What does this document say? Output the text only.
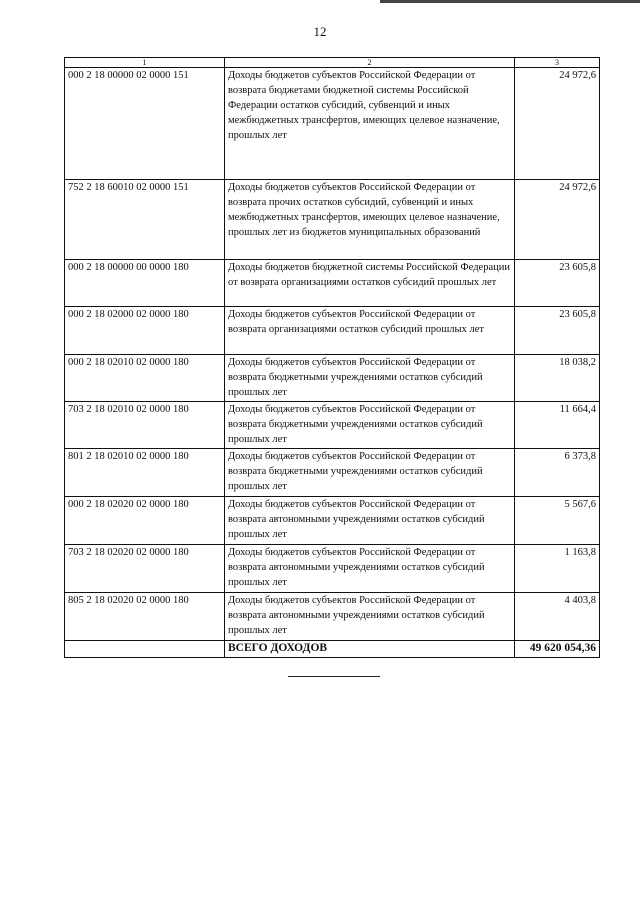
12
1	2	3
000 2 18 00000 02 0000 151	Доходы бюджетов субъектов Российской Федерации от возврата бюджетами бюджетной системы Российской Федерации остатков субсидий, субвенций и иных межбюджетных трансфертов, имеющих целевое назначение, прошлых лет	24 972,6
752 2 18 60010 02 0000 151	Доходы бюджетов субъектов Российской Федерации от возврата прочих остатков субсидий, субвенций и иных межбюджетных трансфертов, имеющих целевое назначение, прошлых лет из бюджетов муниципальных образований	24 972,6
000 2 18 00000 00 0000 180	Доходы бюджетов бюджетной системы Российской Федерации от возврата организациями остатков субсидий прошлых лет	23 605,8
000 2 18 02000 02 0000 180	Доходы бюджетов субъектов Российской Федерации от возврата организациями остатков субсидий прошлых лет	23 605,8
000 2 18 02010 02 0000 180	Доходы бюджетов субъектов Российской Федерации от возврата бюджетными учреждениями остатков субсидий прошлых лет	18 038,2
703 2 18 02010 02 0000 180	Доходы бюджетов субъектов Российской Федерации от возврата бюджетными учреждениями остатков субсидий прошлых лет	11 664,4
801 2 18 02010 02 0000 180	Доходы бюджетов субъектов Российской Федерации от возврата бюджетными учреждениями остатков субсидий прошлых лет	6 373,8
000 2 18 02020 02 0000 180	Доходы бюджетов субъектов Российской Федерации от возврата автономными учреждениями остатков субсидий прошлых лет	5 567,6
703 2 18 02020 02 0000 180	Доходы бюджетов субъектов Российской Федерации от возврата автономными учреждениями остатков субсидий прошлых лет	1 163,8
805 2 18 02020 02 0000 180	Доходы бюджетов субъектов Российской Федерации от возврата автономными учреждениями остатков субсидий прошлых лет	4 403,8
	ВСЕГО ДОХОДОВ	49 620 054,36
